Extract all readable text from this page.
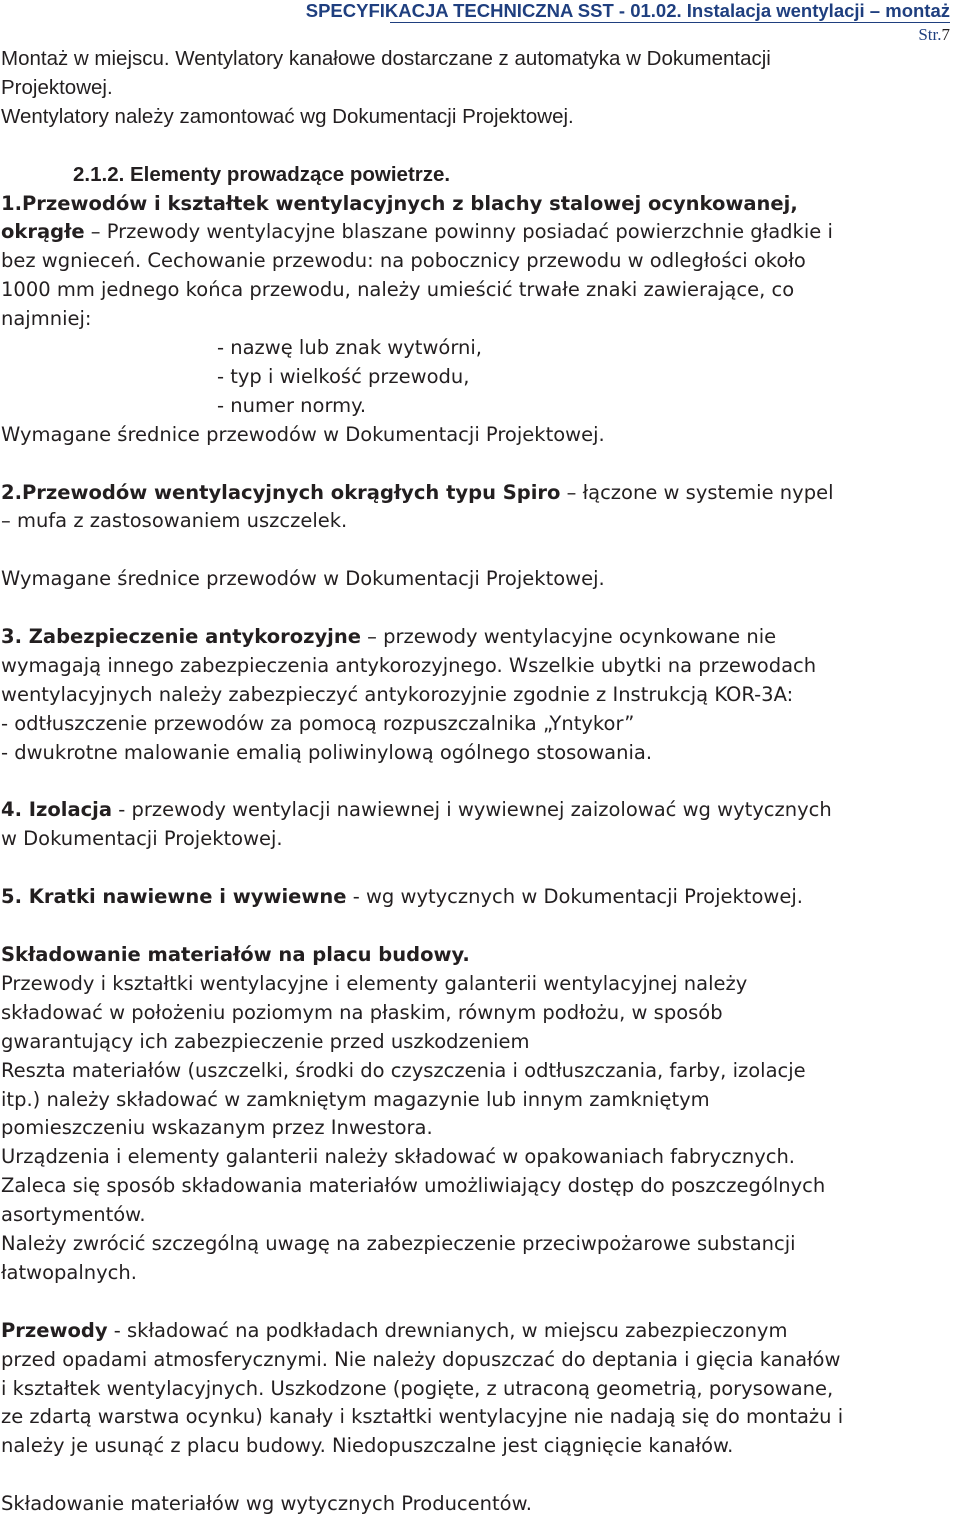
SPECYFIKACJA TECHNICZNA SST - 01.02. Instalacja wentylacji – montaż
Str.7

Montaż w miejscu. Wentylatory kanałowe dostarczane z automatyka w Dokumentacji

Projektowej.

Wentylatory należy zamontować wg Dokumentacji Projektowej.

2.1.2. Elementy prowadzące powietrze.

1.Przewodów i kształtek wentylacyjnych z blachy stalowej ocynkowanej,

okrągłe – Przewody wentylacyjne blaszane powinny posiadać powierzchnie gładkie i

bez wgnieceń. Cechowanie przewodu: na pobocznicy przewodu w odległości około

1000 mm jednego końca przewodu, należy umieścić trwałe znaki zawierające, co

najmniej:

- nazwę lub znak wytwórni,

- typ i wielkość przewodu,

- numer normy.

Wymagane średnice przewodów w Dokumentacji Projektowej.

2.Przewodów wentylacyjnych okrągłych typu Spiro – łączone w systemie nypel

– mufa z zastosowaniem uszczelek.

Wymagane średnice przewodów w Dokumentacji Projektowej.

3. Zabezpieczenie antykorozyjne – przewody wentylacyjne ocynkowane nie

wymagają innego zabezpieczenia antykorozyjnego. Wszelkie ubytki na przewodach

wentylacyjnych należy zabezpieczyć antykorozyjnie zgodnie z Instrukcją KOR-3A:

- odtłuszczenie przewodów za pomocą rozpuszczalnika „Yntykor”

- dwukrotne malowanie emalią poliwinylową ogólnego stosowania.

4. Izolacja - przewody wentylacji nawiewnej i wywiewnej zaizolować wg wytycznych

w Dokumentacji Projektowej.

5. Kratki nawiewne i wywiewne - wg wytycznych w Dokumentacji Projektowej.

Składowanie materiałów na placu budowy.

Przewody i kształtki wentylacyjne i elementy galanterii wentylacyjnej należy

składować w położeniu poziomym na płaskim, równym podłożu, w sposób

gwarantujący ich zabezpieczenie przed uszkodzeniem

Reszta materiałów (uszczelki, środki do czyszczenia i odtłuszczania, farby, izolacje

itp.) należy składować w zamkniętym magazynie lub innym zamkniętym

pomieszczeniu wskazanym przez Inwestora.

Urządzenia i elementy galanterii należy składować w opakowaniach fabrycznych.

Zaleca się sposób składowania materiałów umożliwiający dostęp do poszczególnych

asortymentów.

Należy zwrócić szczególną uwagę na zabezpieczenie przeciwpożarowe substancji

łatwopalnych.

Przewody - składować na podkładach drewnianych, w miejscu zabezpieczonym

przed opadami atmosferycznymi. Nie należy dopuszczać do deptania i gięcia kanałów

i kształtek wentylacyjnych. Uszkodzone (pogięte, z utraconą geometrią, porysowane,

ze zdartą warstwa ocynku) kanały i kształtki wentylacyjne nie nadają się do montażu i

należy je usunąć z placu budowy. Niedopuszczalne jest ciągnięcie kanałów.

Składowanie materiałów wg wytycznych Producentów.
